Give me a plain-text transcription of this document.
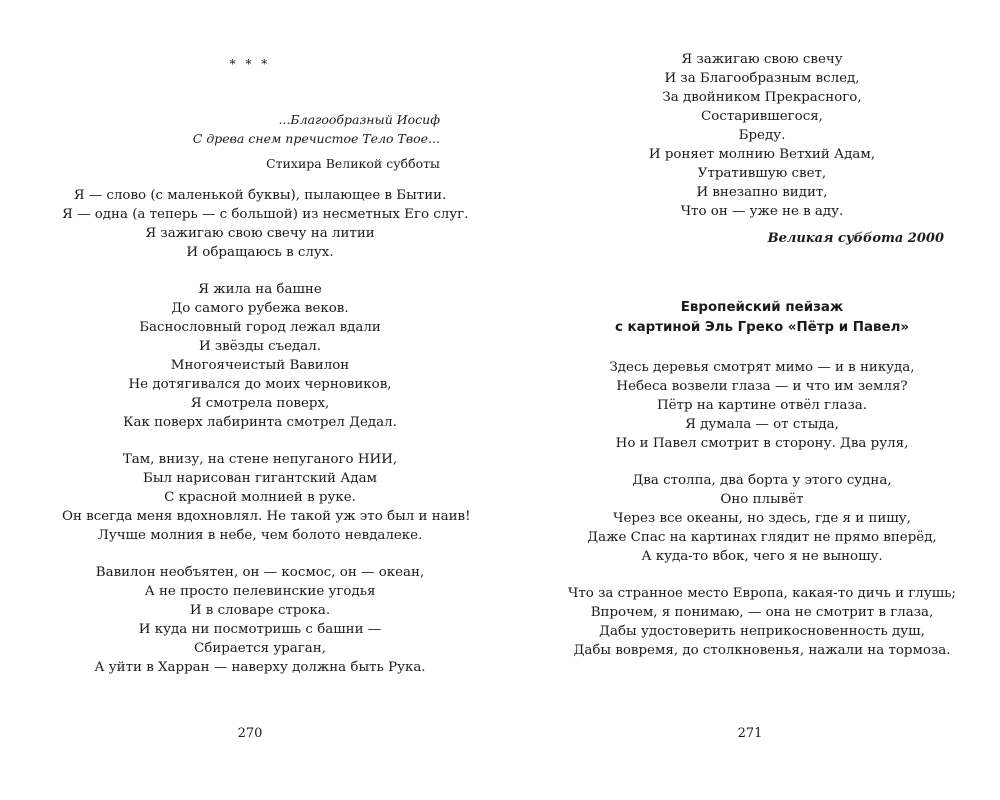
* * *
...Благообразный Иосиф
С древа снем пречистое Тело Твое...
Стихира Великой субботы
Я — слово (с маленькой буквы), пылающее в Бытии.
Я — одна (а теперь — с большой) из несметных Его слуг.
Я зажигаю свою свечу на литии
И обращаюсь в слух.
Я жила на башне
До самого рубежа веков.
Баснословный город лежал вдали
И звёзды съедал.
Многоячеистый Вавилон
Не дотягивался до моих черновиков,
Я смотрела поверх,
Как поверх лабиринта смотрел Дедал.
Там, внизу, на стене непуганого НИИ,
Был нарисован гигантский Адам
С красной молнией в руке.
Он всегда меня вдохновлял. Не такой уж это был и наив!
Лучше молния в небе, чем болото невдалеке.
Вавилон необъятен, он — космос, он — океан,
А не просто пелевинские угодья
И в словаре строка.
И куда ни посмотришь с башни —
Сбирается ураган,
А уйти в Харран — наверху должна быть Рука.
270
Я зажигаю свою свечу
И за Благообразным вслед,
За двойником Прекрасного,
Состарившегося,
Бреду.
И роняет молнию Ветхий Адам,
Утратившую свет,
И внезапно видит,
Что он — уже не в аду.
Великая суббота 2000
Европейский пейзаж
с картиной Эль Греко «Пётр и Павел»
Здесь деревья смотрят мимо — и в никуда,
Небеса возвели глаза — и что им земля?
Пётр на картине отвёл глаза.
Я думала — от стыда,
Но и Павел смотрит в сторону. Два руля,
Два столпа, два борта у этого судна,
Оно плывёт
Через все океаны, но здесь, где я и пишу,
Даже Спас на картинах глядит не прямо вперёд,
А куда-то вбок, чего я не выношу.
Что за странное место Европа, какая-то дичь и глушь;
Впрочем, я понимаю, — она не смотрит в глаза,
Дабы удостоверить неприкосновенность душ,
Дабы вовремя, до столкновенья, нажали на тормоза.
271
